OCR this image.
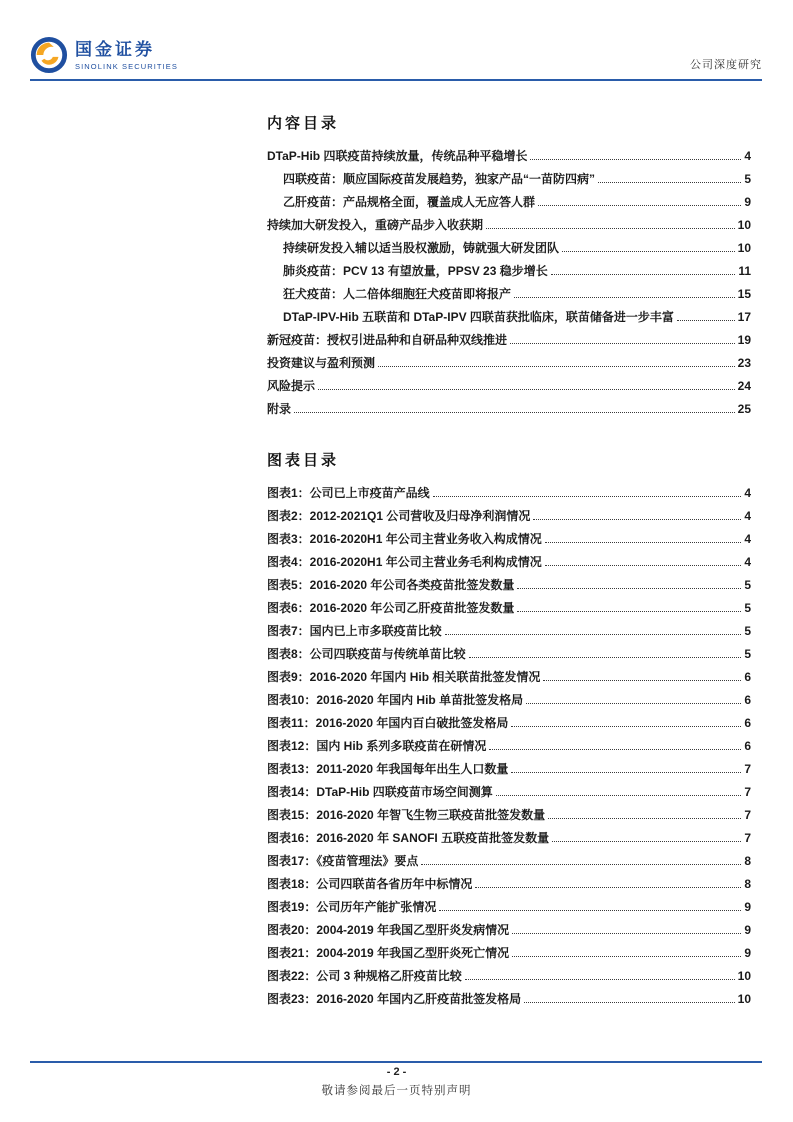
国金证券
SINOLINK SECURITIES	公司深度研究
内容目录
DTaP-Hib 四联疫苗持续放量，传统品种平稳增长	4
四联疫苗：顺应国际疫苗发展趋势，独家产品“一苗防四病”	5
乙肝疫苗：产品规格全面，覆盖成人无应答人群	9
持续加大研发投入，重磅产品步入收获期	10
持续研发投入辅以适当股权激励，铸就强大研发团队	10
肺炎疫苗：PCV 13 有望放量，PPSV 23 稳步增长	11
狂犬疫苗：人二倍体细胞狂犬疫苗即将报产	15
DTaP-IPV-Hib 五联苗和 DTaP-IPV 四联苗获批临床，联苗储备进一步丰富	17
新冠疫苗：授权引进品种和自研品种双线推进	19
投资建议与盈利预测	23
风险提示	24
附录	25
图表目录
图表1：公司已上市疫苗产品线	4
图表2：2012-2021Q1 公司营收及归母净利润情况	4
图表3：2016-2020H1 年公司主营业务收入构成情况	4
图表4：2016-2020H1 年公司主营业务毛利构成情况	4
图表5：2016-2020 年公司各类疫苗批签发数量	5
图表6：2016-2020 年公司乙肝疫苗批签发数量	5
图表7：国内已上市多联疫苗比较	5
图表8：公司四联疫苗与传统单苗比较	5
图表9：2016-2020 年国内 Hib 相关联苗批签发情况	6
图表10：2016-2020 年国内 Hib 单苗批签发格局	6
图表11：2016-2020 年国内百白破批签发格局	6
图表12：国内 Hib 系列多联疫苗在研情况	6
图表13：2011-2020 年我国每年出生人口数量	7
图表14：DTaP-Hib 四联疫苗市场空间测算	7
图表15：2016-2020 年智飞生物三联疫苗批签发数量	7
图表16：2016-2020 年 SANOFI 五联疫苗批签发数量	7
图表17：《疫苗管理法》要点	8
图表18：公司四联苗各省历年中标情况	8
图表19：公司历年产能扩张情况	9
图表20：2004-2019 年我国乙型肝炎发病情况	9
图表21：2004-2019 年我国乙型肝炎死亡情况	9
图表22：公司 3 种规格乙肝疫苗比较	10
图表23：2016-2020 年国内乙肝疫苗批签发格局	10
- 2 -
敬请参阅最后一页特别声明
